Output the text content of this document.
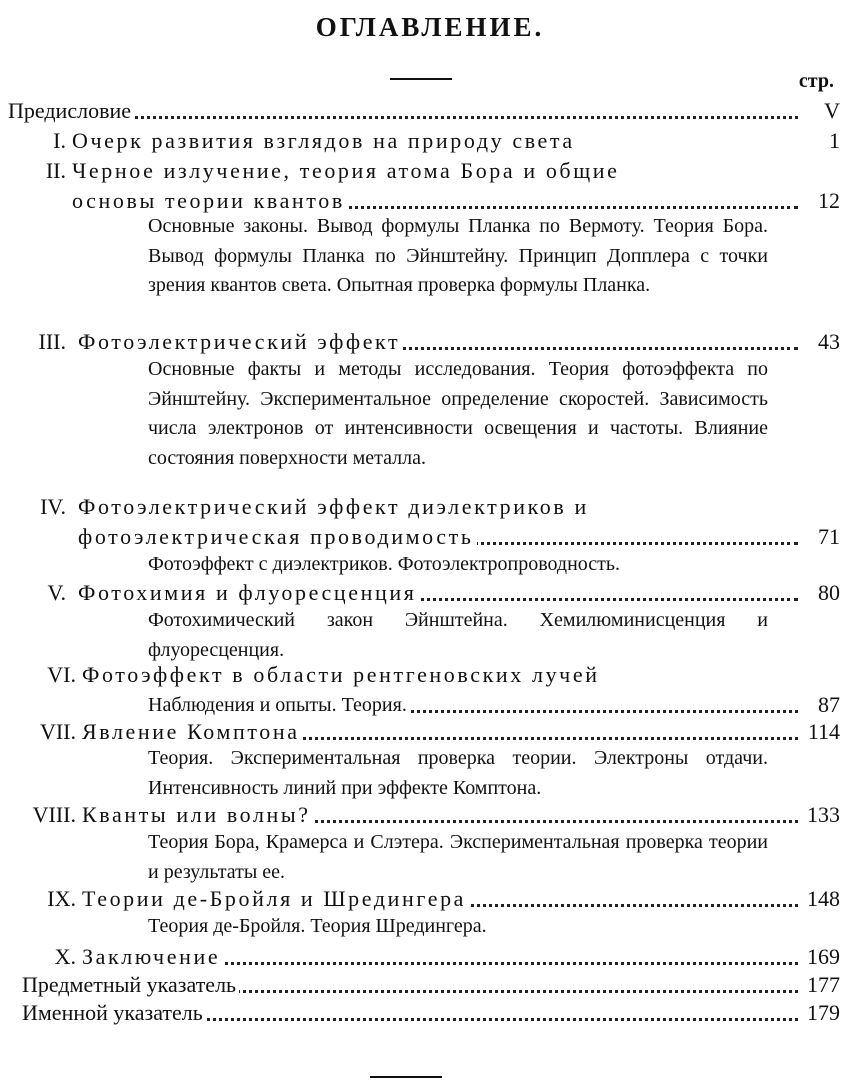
ОГЛАВЛЕНИЕ.
стр.
Предисловие	V
I. Очерк развития взглядов на природу света	1
II. Черное излучение, теория атома Бора и общие
основы теории квантов	12
Основные законы. Вывод формулы Планка по Вермоту. Теория Бора. Вывод формулы Планка по Эйнштейну. Принцип Допплера с точки зрения квантов света. Опытная проверка формулы Планка.
III. Фотоэлектрический эффект	43
Основные факты и методы исследования. Теория фотоэффекта по Эйнштейну. Экспериментальное определение скоростей. Зависимость числа электронов от интенсивности освещения и частоты. Влияние состояния поверхности металла.
IV. Фотоэлектрический эффект диэлектриков и
фотоэлектрическая проводимость	71
Фотоэффект с диэлектриков. Фотоэлектропроводность.
V. Фотохимия и флуоресценция	80
Фотохимический закон Эйнштейна. Хемилюминисценция и флуоресценция.
VI. Фотоэффект в области рентгеновских лучей
Наблюдения и опыты. Теория.	87
VII. Явление Комптона	114
Теория. Экспериментальная проверка теории. Электроны отдачи. Интенсивность линий при эффекте Комптона.
VIII. Кванты или волны?	133
Теория Бора, Крамерса и Слэтера. Экспериментальная проверка теории и результаты ее.
IX. Теории де-Бройля и Шредингера	148
Теория де-Бройля. Теория Шредингера.
X. Заключение	169
Предметный указатель	177
Именной указатель	179
